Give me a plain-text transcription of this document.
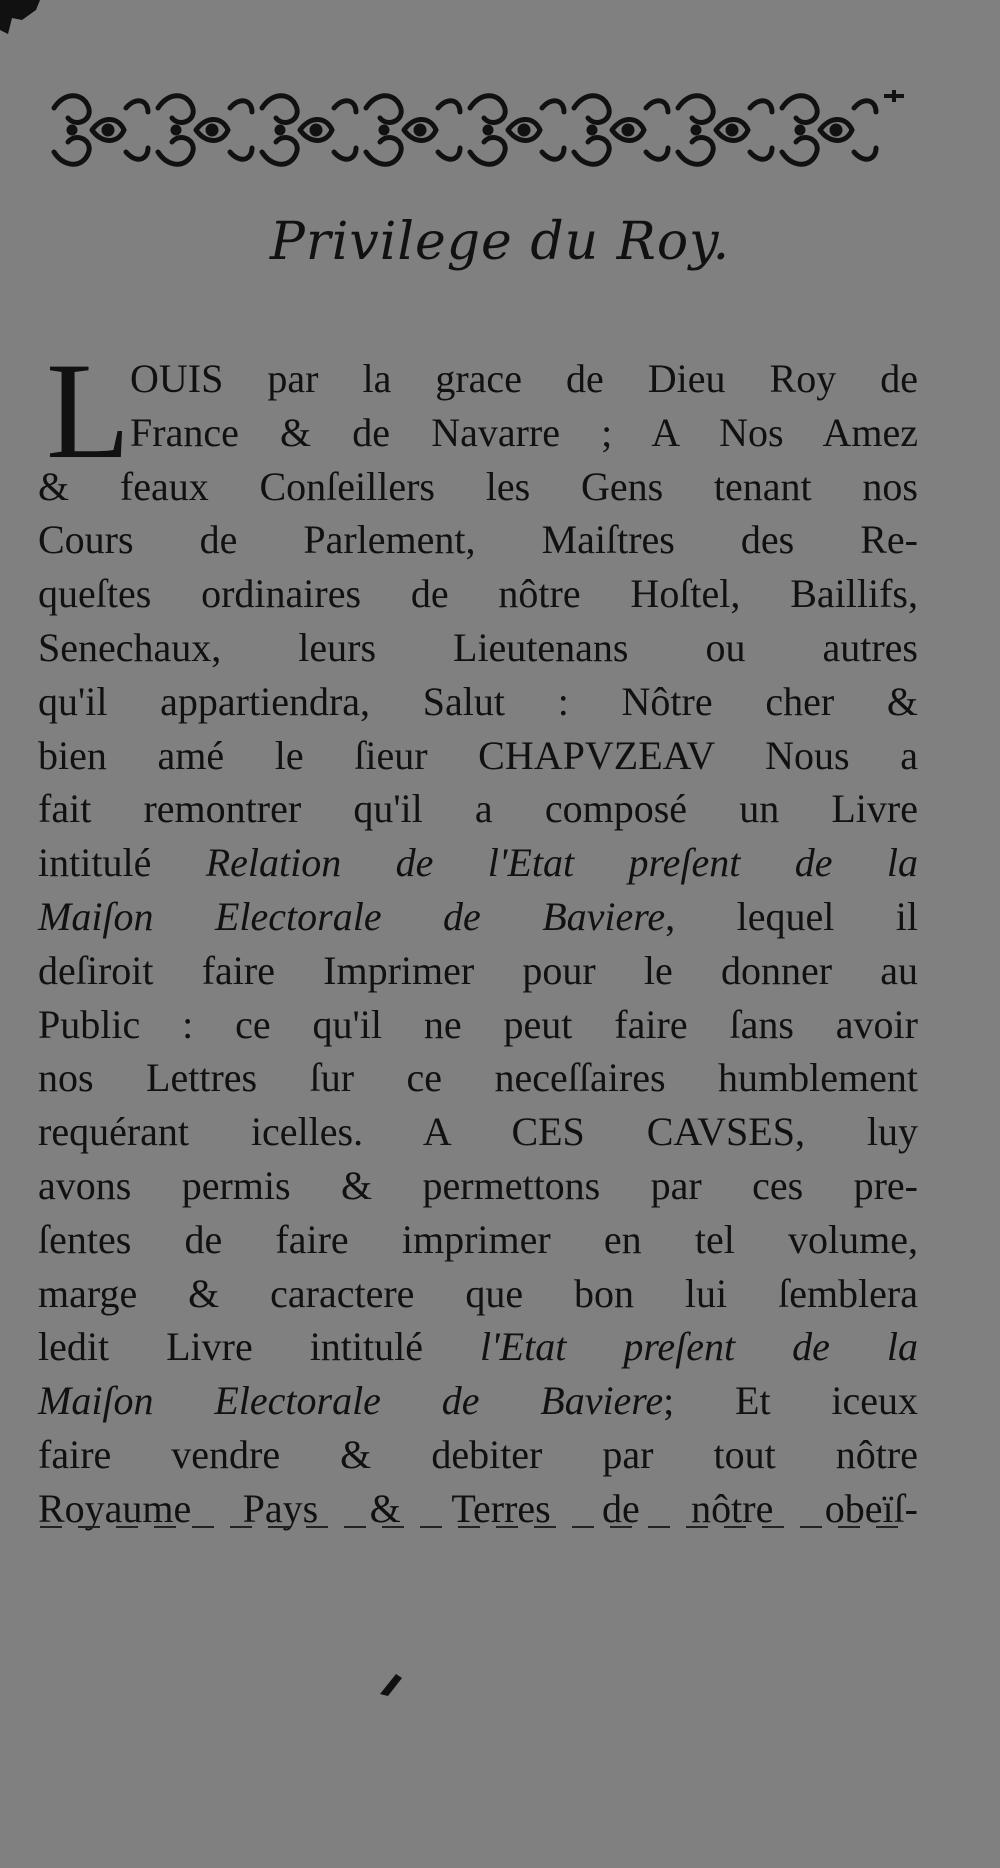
Privilege du Roy.
L OUIS par la grace de Dieu Roy de
France & de Navarre ; A Nos Amez
& feaux Conſeillers les Gens tenant nos
Cours de Parlement, Maiſtres des Re-
queſtes ordinaires de nôtre Hoſtel, Baillifs,
Senechaux, leurs Lieutenans ou autres
qu'il appartiendra, Salut : Nôtre cher &
bien amé le ſieur CHAPVZEAV Nous a
fait remontrer qu'il a composé un Livre
intitulé Relation de l'Etat preſent de la
Maiſon Electorale de Baviere, lequel il
deſiroit faire Imprimer pour le donner au
Public : ce qu'il ne peut faire ſans avoir
nos Lettres ſur ce neceſſaires humblement
requérant icelles. A CES CAVSES, luy
avons permis & permettons par ces pre-
ſentes de faire imprimer en tel volume,
marge & caractere que bon lui ſemblera
ledit Livre intitulé l'Etat preſent de la
Maiſon Electorale de Baviere; Et iceux
faire vendre & debiter par tout nôtre
Royaume Pays & Terres de nôtre obeïſ-
